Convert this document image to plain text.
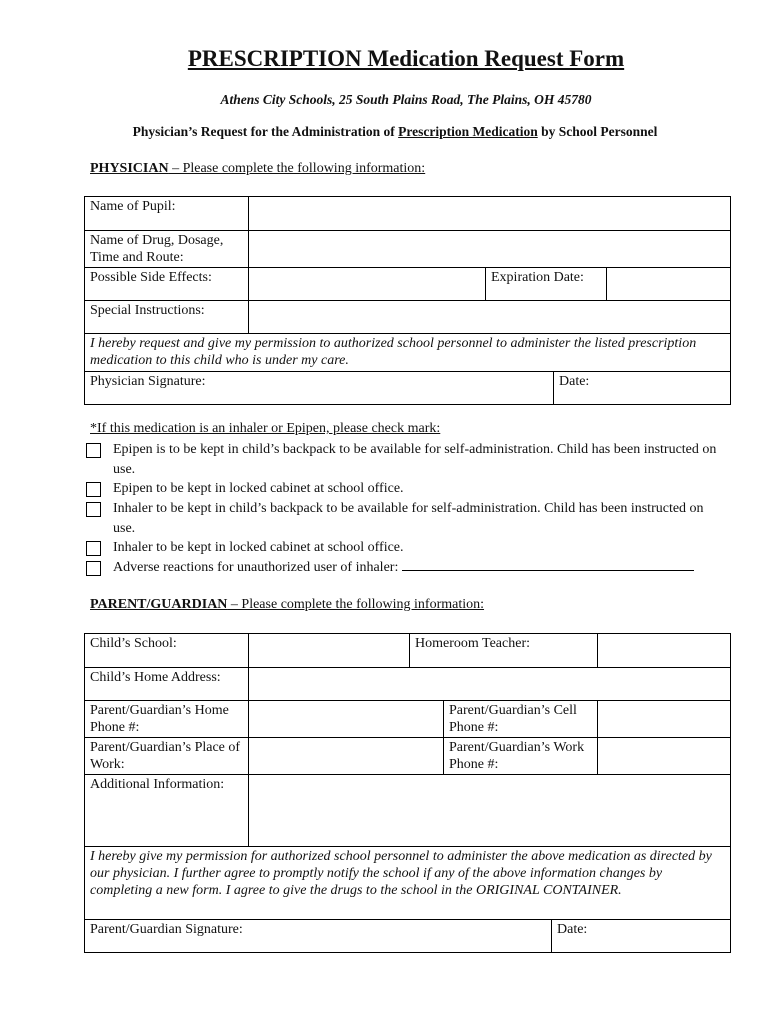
PRESCRIPTION Medication Request Form
Athens City Schools, 25 South Plains Road, The Plains, OH 45780
Physician’s Request for the Administration of Prescription Medication by School Personnel
PHYSICIAN – Please complete the following information:
Name of Pupil:				
Name of Drug, Dosage, Time and Route:				
Possible Side Effects:		Expiration Date:		
Special Instructions:				
I hereby request and give my permission to authorized school personnel to administer the listed prescription medication to this child who is under my care.				
Physician Signature:			Date:	
*If this medication is an inhaler or Epipen, please check mark:
Epipen is to be kept in child’s backpack to be available for self-administration. Child has been instructed on use.
Epipen to be kept in locked cabinet at school office.
Inhaler to be kept in child’s backpack to be available for self-administration. Child has been instructed on use.
Inhaler to be kept in locked cabinet at school office.
Adverse reactions for unauthorized user of inhaler:
PARENT/GUARDIAN – Please complete the following information:
Child’s School:		Homeroom Teacher:			
Child’s Home Address:					
Parent/Guardian’s Home Phone #:			Parent/Guardian’s Cell Phone #:		
Parent/Guardian’s Place of Work:			Parent/Guardian’s Work Phone #:		
Additional Information:					
I hereby give my permission for authorized school personnel to administer the above medication as directed by our physician. I further agree to promptly notify the school if any of the above information changes by completing a new form. I agree to give the drugs to the school in the ORIGINAL CONTAINER.					
Parent/Guardian Signature:				Date:	
